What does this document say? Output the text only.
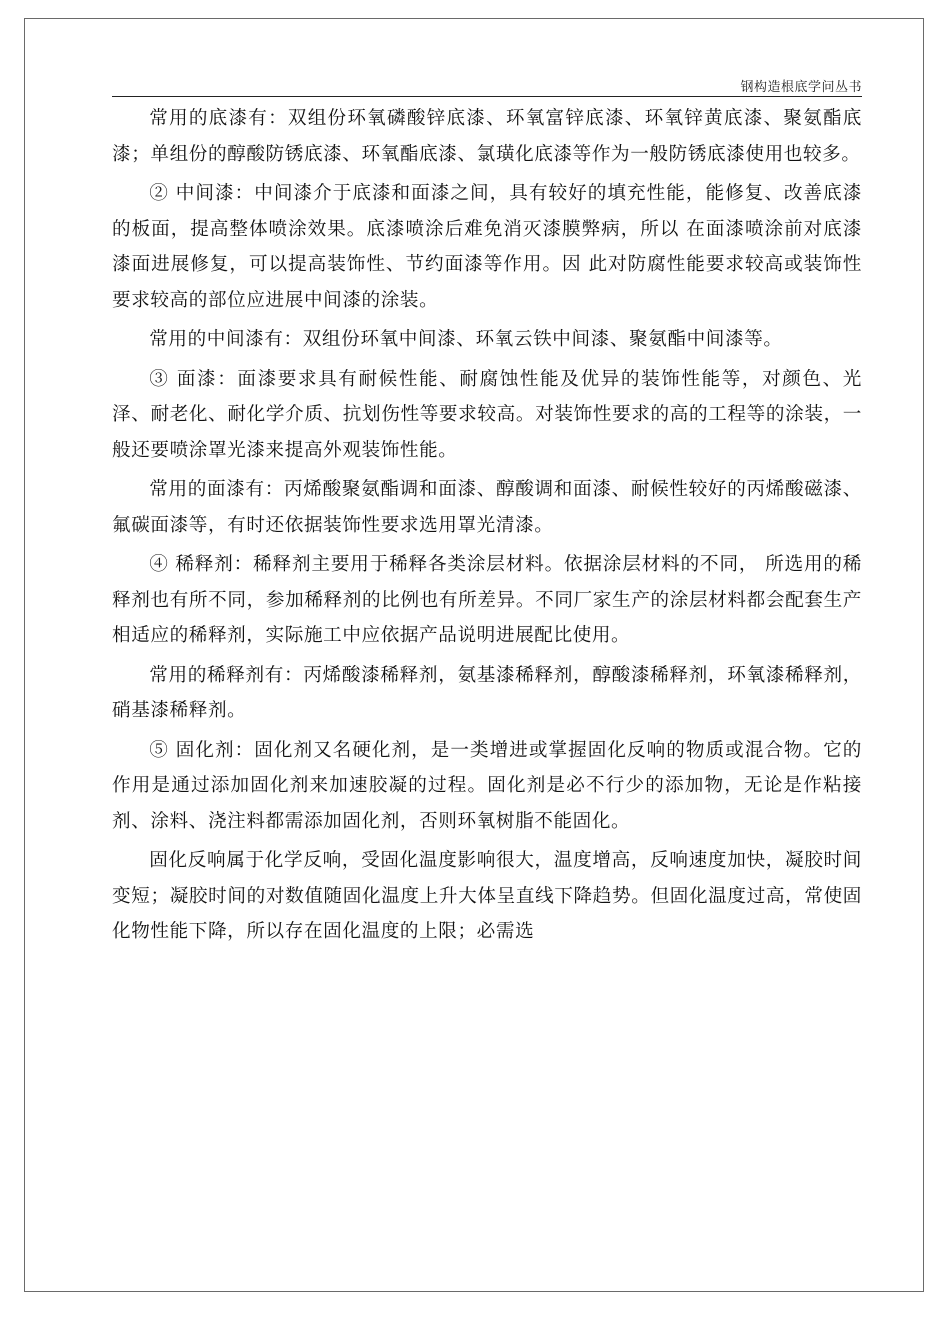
钢构造根底学问丛书

常用的底漆有：双组份环氧磷酸锌底漆、环氧富锌底漆、环氧锌黄底漆、聚氨酯底漆；单组份的醇酸防锈底漆、环氧酯底漆、氯璜化底漆等作为一般防锈底漆使用也较多。

② 中间漆：中间漆介于底漆和面漆之间，具有较好的填充性能，能修复、改善底漆的板面，提高整体喷涂效果。底漆喷涂后难免消灭漆膜弊病，所以 在面漆喷涂前对底漆漆面进展修复，可以提高装饰性、节约面漆等作用。因 此对防腐性能要求较高或装饰性要求较高的部位应进展中间漆的涂装。

常用的中间漆有：双组份环氧中间漆、环氧云铁中间漆、聚氨酯中间漆等。

③ 面漆：面漆要求具有耐候性能、耐腐蚀性能及优异的装饰性能等，对颜色、光泽、耐老化、耐化学介质、抗划伤性等要求较高。对装饰性要求的高的工程等的涂装，一般还要喷涂罩光漆来提高外观装饰性能。

常用的面漆有：丙烯酸聚氨酯调和面漆、醇酸调和面漆、耐候性较好的丙烯酸磁漆、氟碳面漆等，有时还依据装饰性要求选用罩光清漆。

④ 稀释剂：稀释剂主要用于稀释各类涂层材料。依据涂层材料的不同， 所选用的稀释剂也有所不同，参加稀释剂的比例也有所差异。不同厂家生产的涂层材料都会配套生产相适应的稀释剂，实际施工中应依据产品说明进展配比使用。

常用的稀释剂有：丙烯酸漆稀释剂，氨基漆稀释剂，醇酸漆稀释剂，环氧漆稀释剂，硝基漆稀释剂。

⑤ 固化剂：固化剂又名硬化剂，是一类增进或掌握固化反响的物质或混合物。它的作用是通过添加固化剂来加速胶凝的过程。固化剂是必不行少的添加物，无论是作粘接剂、涂料、浇注料都需添加固化剂，否则环氧树脂不能固化。

固化反响属于化学反响，受固化温度影响很大，温度增高，反响速度加快，凝胶时间变短；凝胶时间的对数值随固化温度上升大体呈直线下降趋势。但固化温度过高，常使固化物性能下降，所以存在固化温度的上限；必需选
